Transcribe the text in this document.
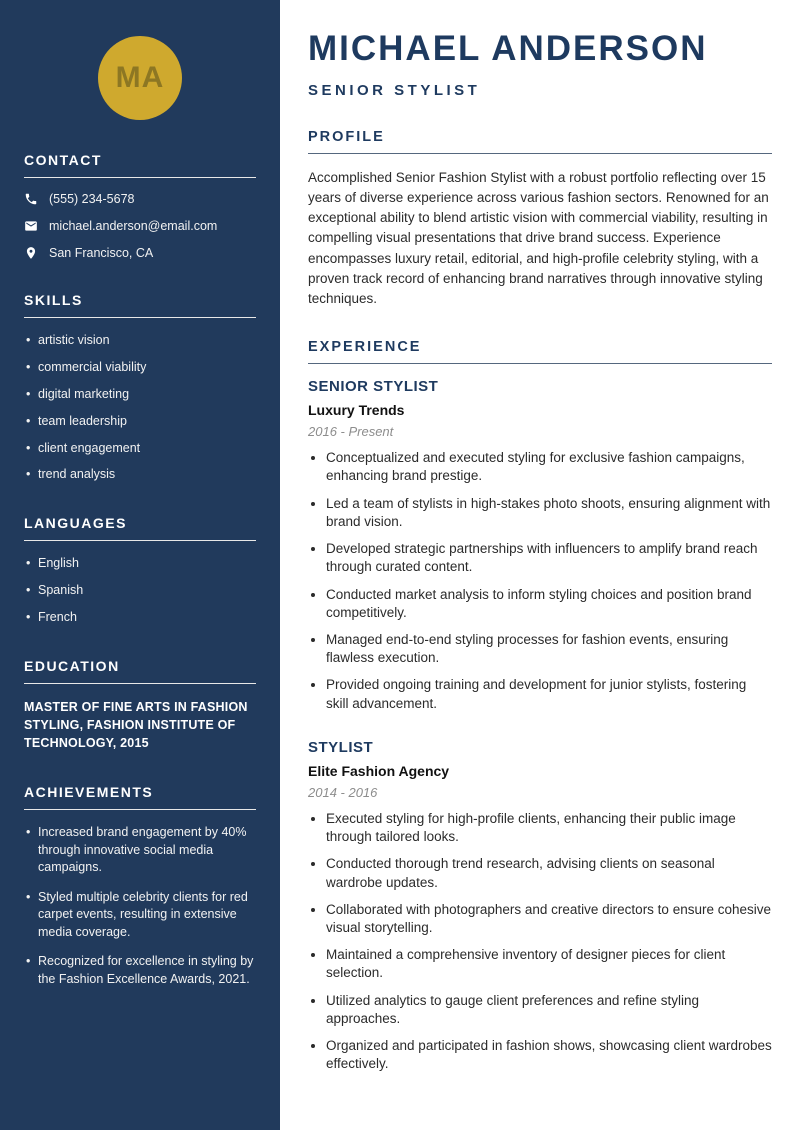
MA
CONTACT
(555) 234-5678
michael.anderson@email.com
San Francisco, CA
SKILLS
• artistic vision
• commercial viability
• digital marketing
• team leadership
• client engagement
• trend analysis
LANGUAGES
• English
• Spanish
• French
EDUCATION
MASTER OF FINE ARTS IN FASHION STYLING, FASHION INSTITUTE OF TECHNOLOGY, 2015
ACHIEVEMENTS
• Increased brand engagement by 40% through innovative social media campaigns.
• Styled multiple celebrity clients for red carpet events, resulting in extensive media coverage.
• Recognized for excellence in styling by the Fashion Excellence Awards, 2021.
MICHAEL ANDERSON
SENIOR STYLIST
PROFILE

Accomplished Senior Fashion Stylist with a robust portfolio reflecting over 15 years of diverse experience across various fashion sectors. Renowned for an exceptional ability to blend artistic vision with commercial viability, resulting in compelling visual presentations that drive brand success. Experience encompasses luxury retail, editorial, and high-profile celebrity styling, with a proven track record of enhancing brand narratives through innovative styling techniques.

EXPERIENCE
SENIOR STYLIST
Luxury Trends
2016 - Present
• Conceptualized and executed styling for exclusive fashion campaigns, enhancing brand prestige.
• Led a team of stylists in high-stakes photo shoots, ensuring alignment with brand vision.
• Developed strategic partnerships with influencers to amplify brand reach through curated content.
• Conducted market analysis to inform styling choices and position brand competitively.
• Managed end-to-end styling processes for fashion events, ensuring flawless execution.
• Provided ongoing training and development for junior stylists, fostering skill advancement.
STYLIST
Elite Fashion Agency
2014 - 2016
• Executed styling for high-profile clients, enhancing their public image through tailored looks.
• Conducted thorough trend research, advising clients on seasonal wardrobe updates.
• Collaborated with photographers and creative directors to ensure cohesive visual storytelling.
• Maintained a comprehensive inventory of designer pieces for client selection.
• Utilized analytics to gauge client preferences and refine styling approaches.
• Organized and participated in fashion shows, showcasing client wardrobes effectively.
